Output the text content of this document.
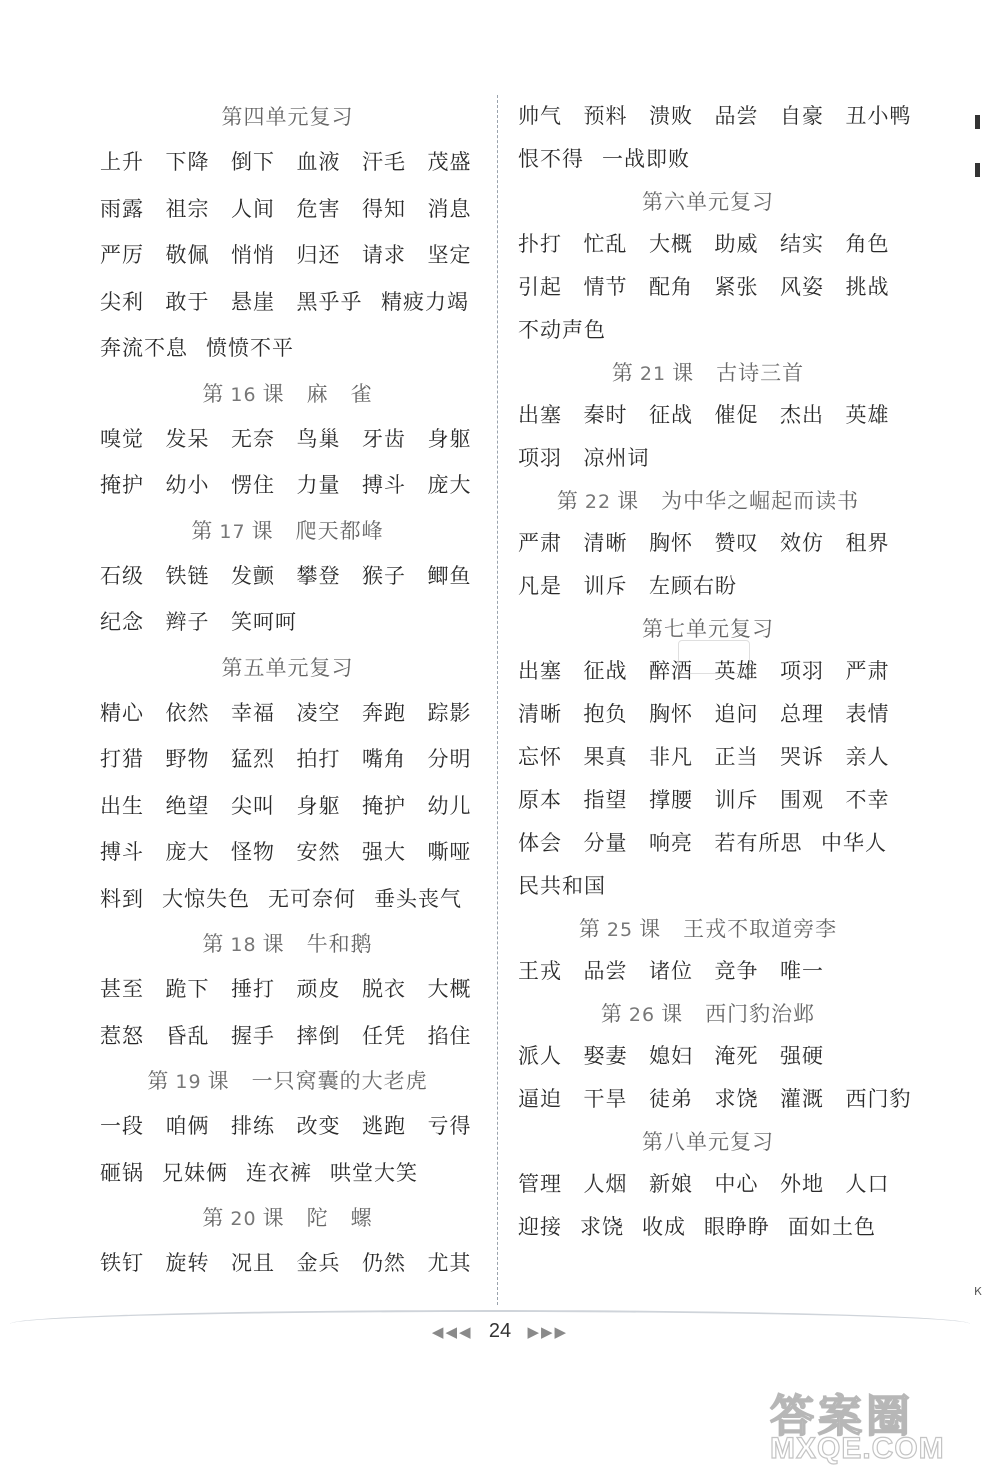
第四单元复习
上升 下降 倒下 血液 汗毛 茂盛
雨露 祖宗 人间 危害 得知 消息
严厉 敬佩 悄悄 归还 请求 坚定
尖利 敢于 悬崖 黑乎乎 精疲力竭
奔流不息 愤愤不平
第 16 课　 麻　雀
嗅觉 发呆 无奈 鸟巢 牙齿 身躯
掩护 幼小 愣住 力量 搏斗 庞大
第 17 课　 爬天都峰
石级 铁链 发颤 攀登 猴子 鲫鱼
纪念 辫子 笑呵呵
第五单元复习
精心 依然 幸福 凌空 奔跑 踪影
打猎 野物 猛烈 拍打 嘴角 分明
出生 绝望 尖叫 身躯 掩护 幼儿
搏斗 庞大 怪物 安然 强大 嘶哑
料到 大惊失色 无可奈何 垂头丧气
第 18 课　 牛和鹅
甚至 跪下 捶打 顽皮 脱衣 大概
惹怒 昏乱 握手 摔倒 任凭 掐住
第 19 课　 一只窝囊的大老虎
一段 咱俩 排练 改变 逃跑 亏得
砸锅 兄妹俩 连衣裤 哄堂大笑
第 20 课　 陀　螺
铁钉 旋转 况且 金兵 仍然 尤其
帅气 预料 溃败 品尝 自豪 丑小鸭
恨不得 一战即败
第六单元复习
扑打 忙乱 大概 助威 结实 角色
引起 情节 配角 紧张 风姿 挑战
不动声色
第 21 课　 古诗三首
出塞 秦时 征战 催促 杰出 英雄
项羽 凉州词
第 22 课　 为中华之崛起而读书
严肃 清晰 胸怀 赞叹 效仿 租界
凡是 训斥 左顾右盼
第七单元复习
出塞 征战 醉酒 英雄 项羽 严肃
清晰 抱负 胸怀 追问 总理 表情
忘怀 果真 非凡 正当 哭诉 亲人
原本 指望 撑腰 训斥 围观 不幸
体会 分量 响亮 若有所思 中华人
民共和国
第 25 课　 王戎不取道旁李
王戎 品尝 诸位 竞争 唯一
第 26 课　 西门豹治邺
派人 娶妻 媳妇 淹死 强硬
逼迫 干旱 徒弟 求饶 灌溉 西门豹
第八单元复习
管理 人烟 新娘 中心 外地 人口
迎接 求饶 收成 眼睁睁 面如土色
К
◀◀◀ 24 ▶▶▶
答案圈
MXQE.COM
